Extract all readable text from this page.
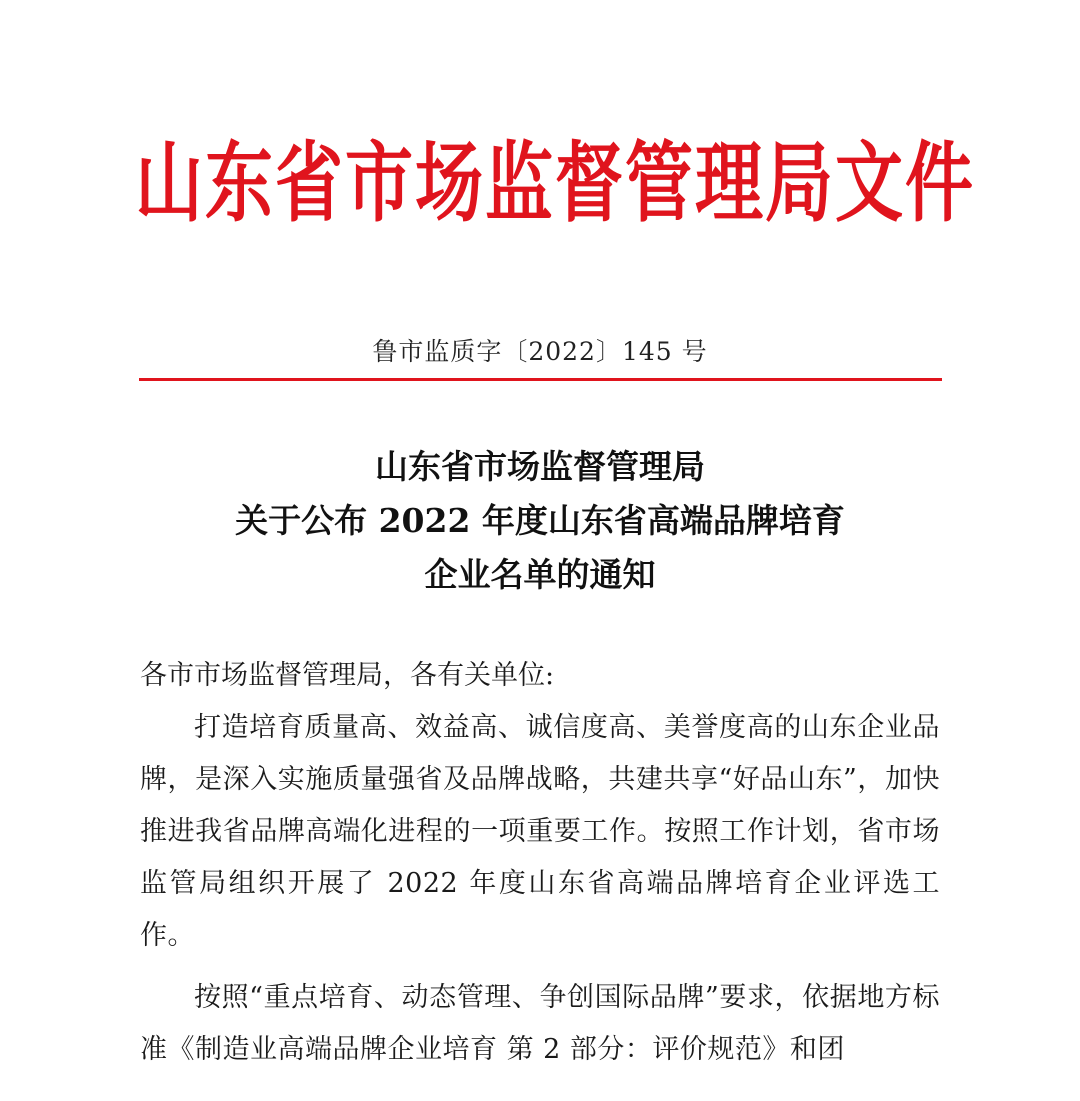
山东省市场监督管理局文件
鲁市监质字〔2022〕145 号
山东省市场监督管理局
关于公布 2022 年度山东省高端品牌培育
企业名单的通知

各市市场监督管理局，各有关单位:

打造培育质量高、效益高、诚信度高、美誉度高的山东企业品牌，是深入实施质量强省及品牌战略，共建共享“好品山东”，加快推进我省品牌高端化进程的一项重要工作。按照工作计划，省市场监管局组织开展了 2022 年度山东省高端品牌培育企业评选工作。

按照“重点培育、动态管理、争创国际品牌”要求，依据地方标准《制造业高端品牌企业培育 第 2 部分：评价规范》和团
